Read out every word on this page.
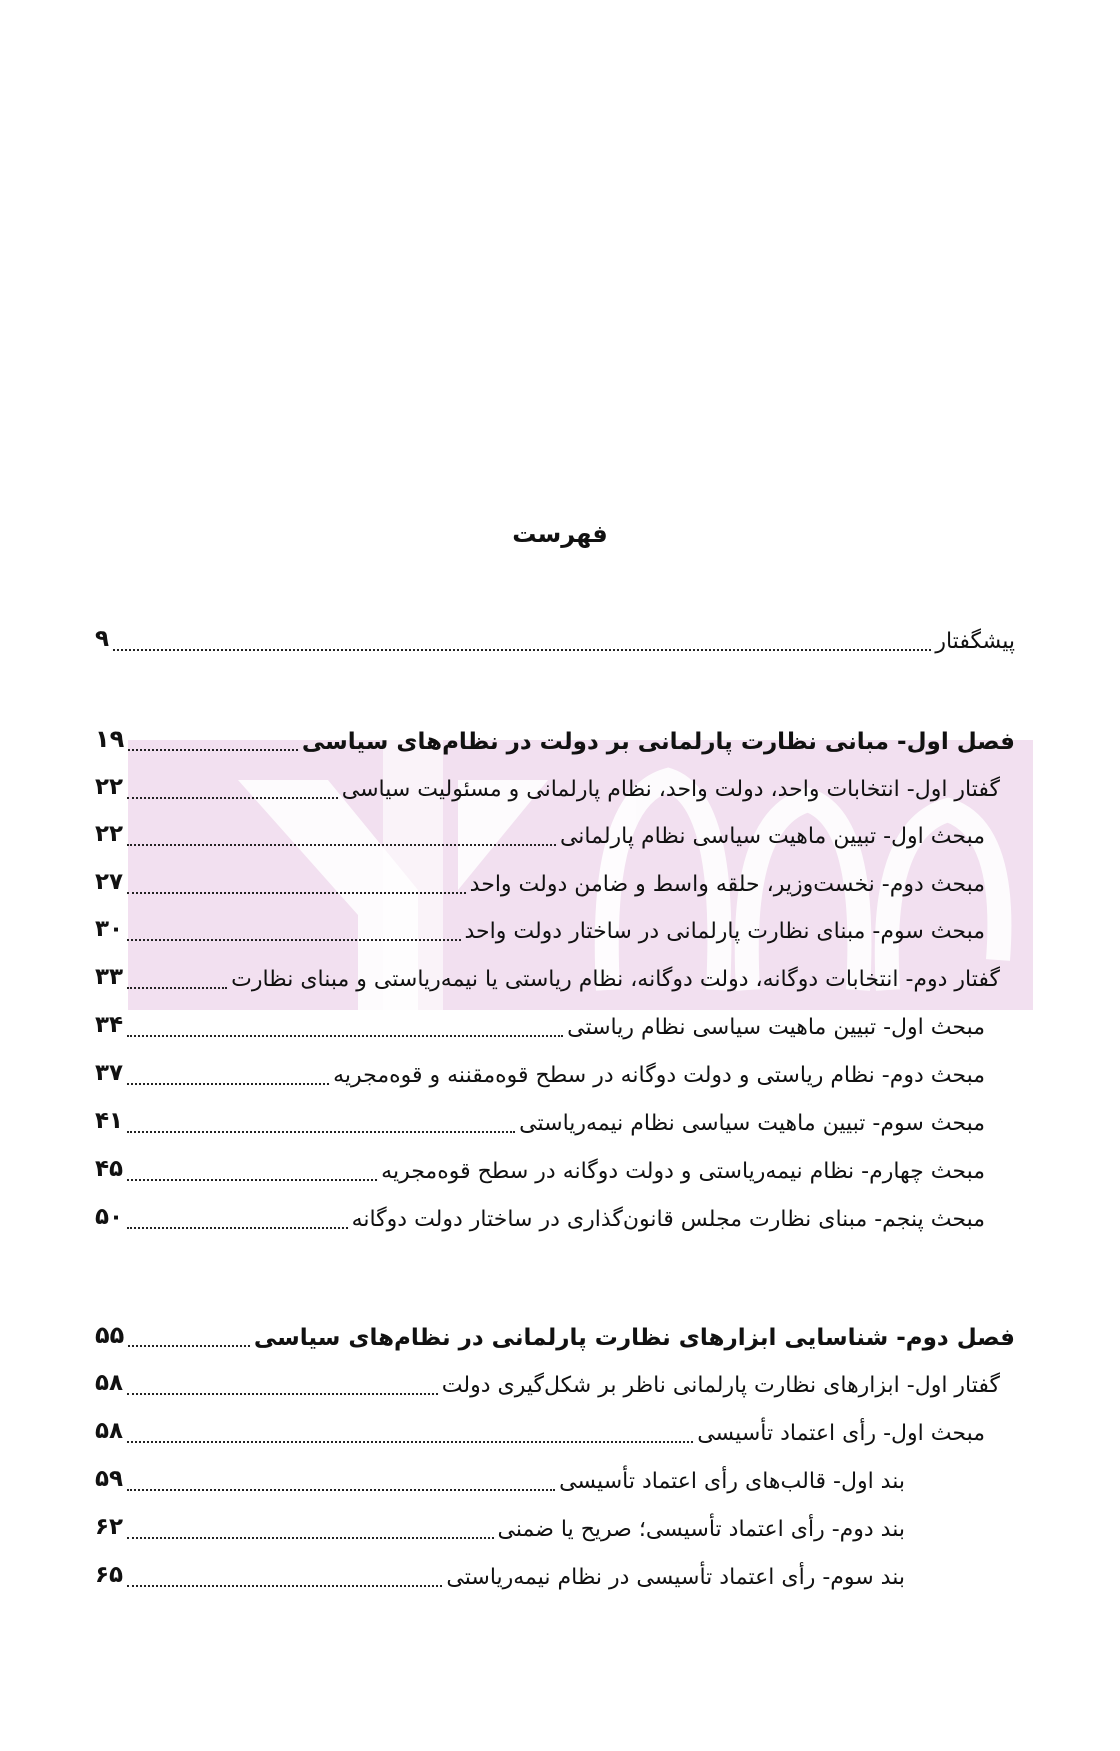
فهرست
۹	پیشگفتار
۱۹	فصل اول- مبانی نظارت پارلمانی بر دولت در نظام‌های سیاسی
۲۲	گفتار اول- انتخابات واحد، دولت واحد، نظام پارلمانی و مسئولیت سیاسی
۲۲	مبحث اول- تبیین ماهیت سیاسی نظام پارلمانی
۲۷	مبحث دوم- نخست‌وزیر، حلقه واسط و ضامن دولت واحد
۳۰	مبحث سوم- مبنای نظارت پارلمانی در ساختار دولت واحد
۳۳	گفتار دوم- انتخابات دوگانه، دولت دوگانه، نظام ریاستی یا نیمه‌ریاستی و مبنای نظارت
۳۴	مبحث اول- تبیین ماهیت سیاسی نظام ریاستی
۳۷	مبحث دوم- نظام ریاستی و دولت دوگانه در سطح قوه‌مقننه و قوه‌مجریه
۴۱	مبحث سوم- تبیین ماهیت سیاسی نظام نیمه‌ریاستی
۴۵	مبحث چهارم- نظام نیمه‌ریاستی و دولت دوگانه در سطح قوه‌مجریه
۵۰	مبحث پنجم- مبنای نظارت مجلس قانون‌گذاری در ساختار دولت دوگانه
۵۵	فصل دوم- شناسایی ابزارهای نظارت پارلمانی در نظام‌های سیاسی
۵۸	گفتار اول- ابزارهای نظارت پارلمانی ناظر بر شکل‌گیری دولت
۵۸	مبحث اول- رأی اعتماد تأسیسی
۵۹	بند اول- قالب‌های رأی اعتماد تأسیسی
۶۲	بند دوم- رأی اعتماد تأسیسی؛ صریح یا ضمنی
۶۵	بند سوم- رأی اعتماد تأسیسی در نظام نیمه‌ریاستی
